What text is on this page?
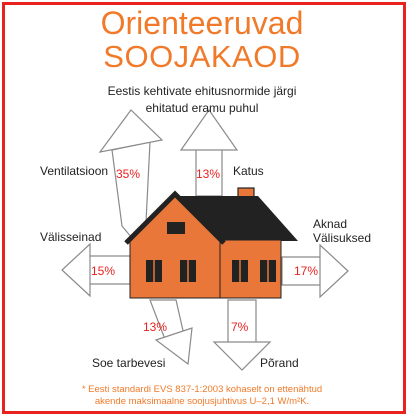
Orienteeruvad
SOOJAKAOD
Eestis kehtivate ehitusnormide järgi
ehitatud eramu puhul
Ventilatsioon 35%	Katus
13%
Välisseinad
15%
Aknad
Välisuksed
17%
13%
Soe tarbevesi
7%
Põrand
* Eesti standardi EVS 837-1:2003 kohaselt on ettenähtud
akende maksimaalne soojusjuhtivus U–2,1 W/m²K.
